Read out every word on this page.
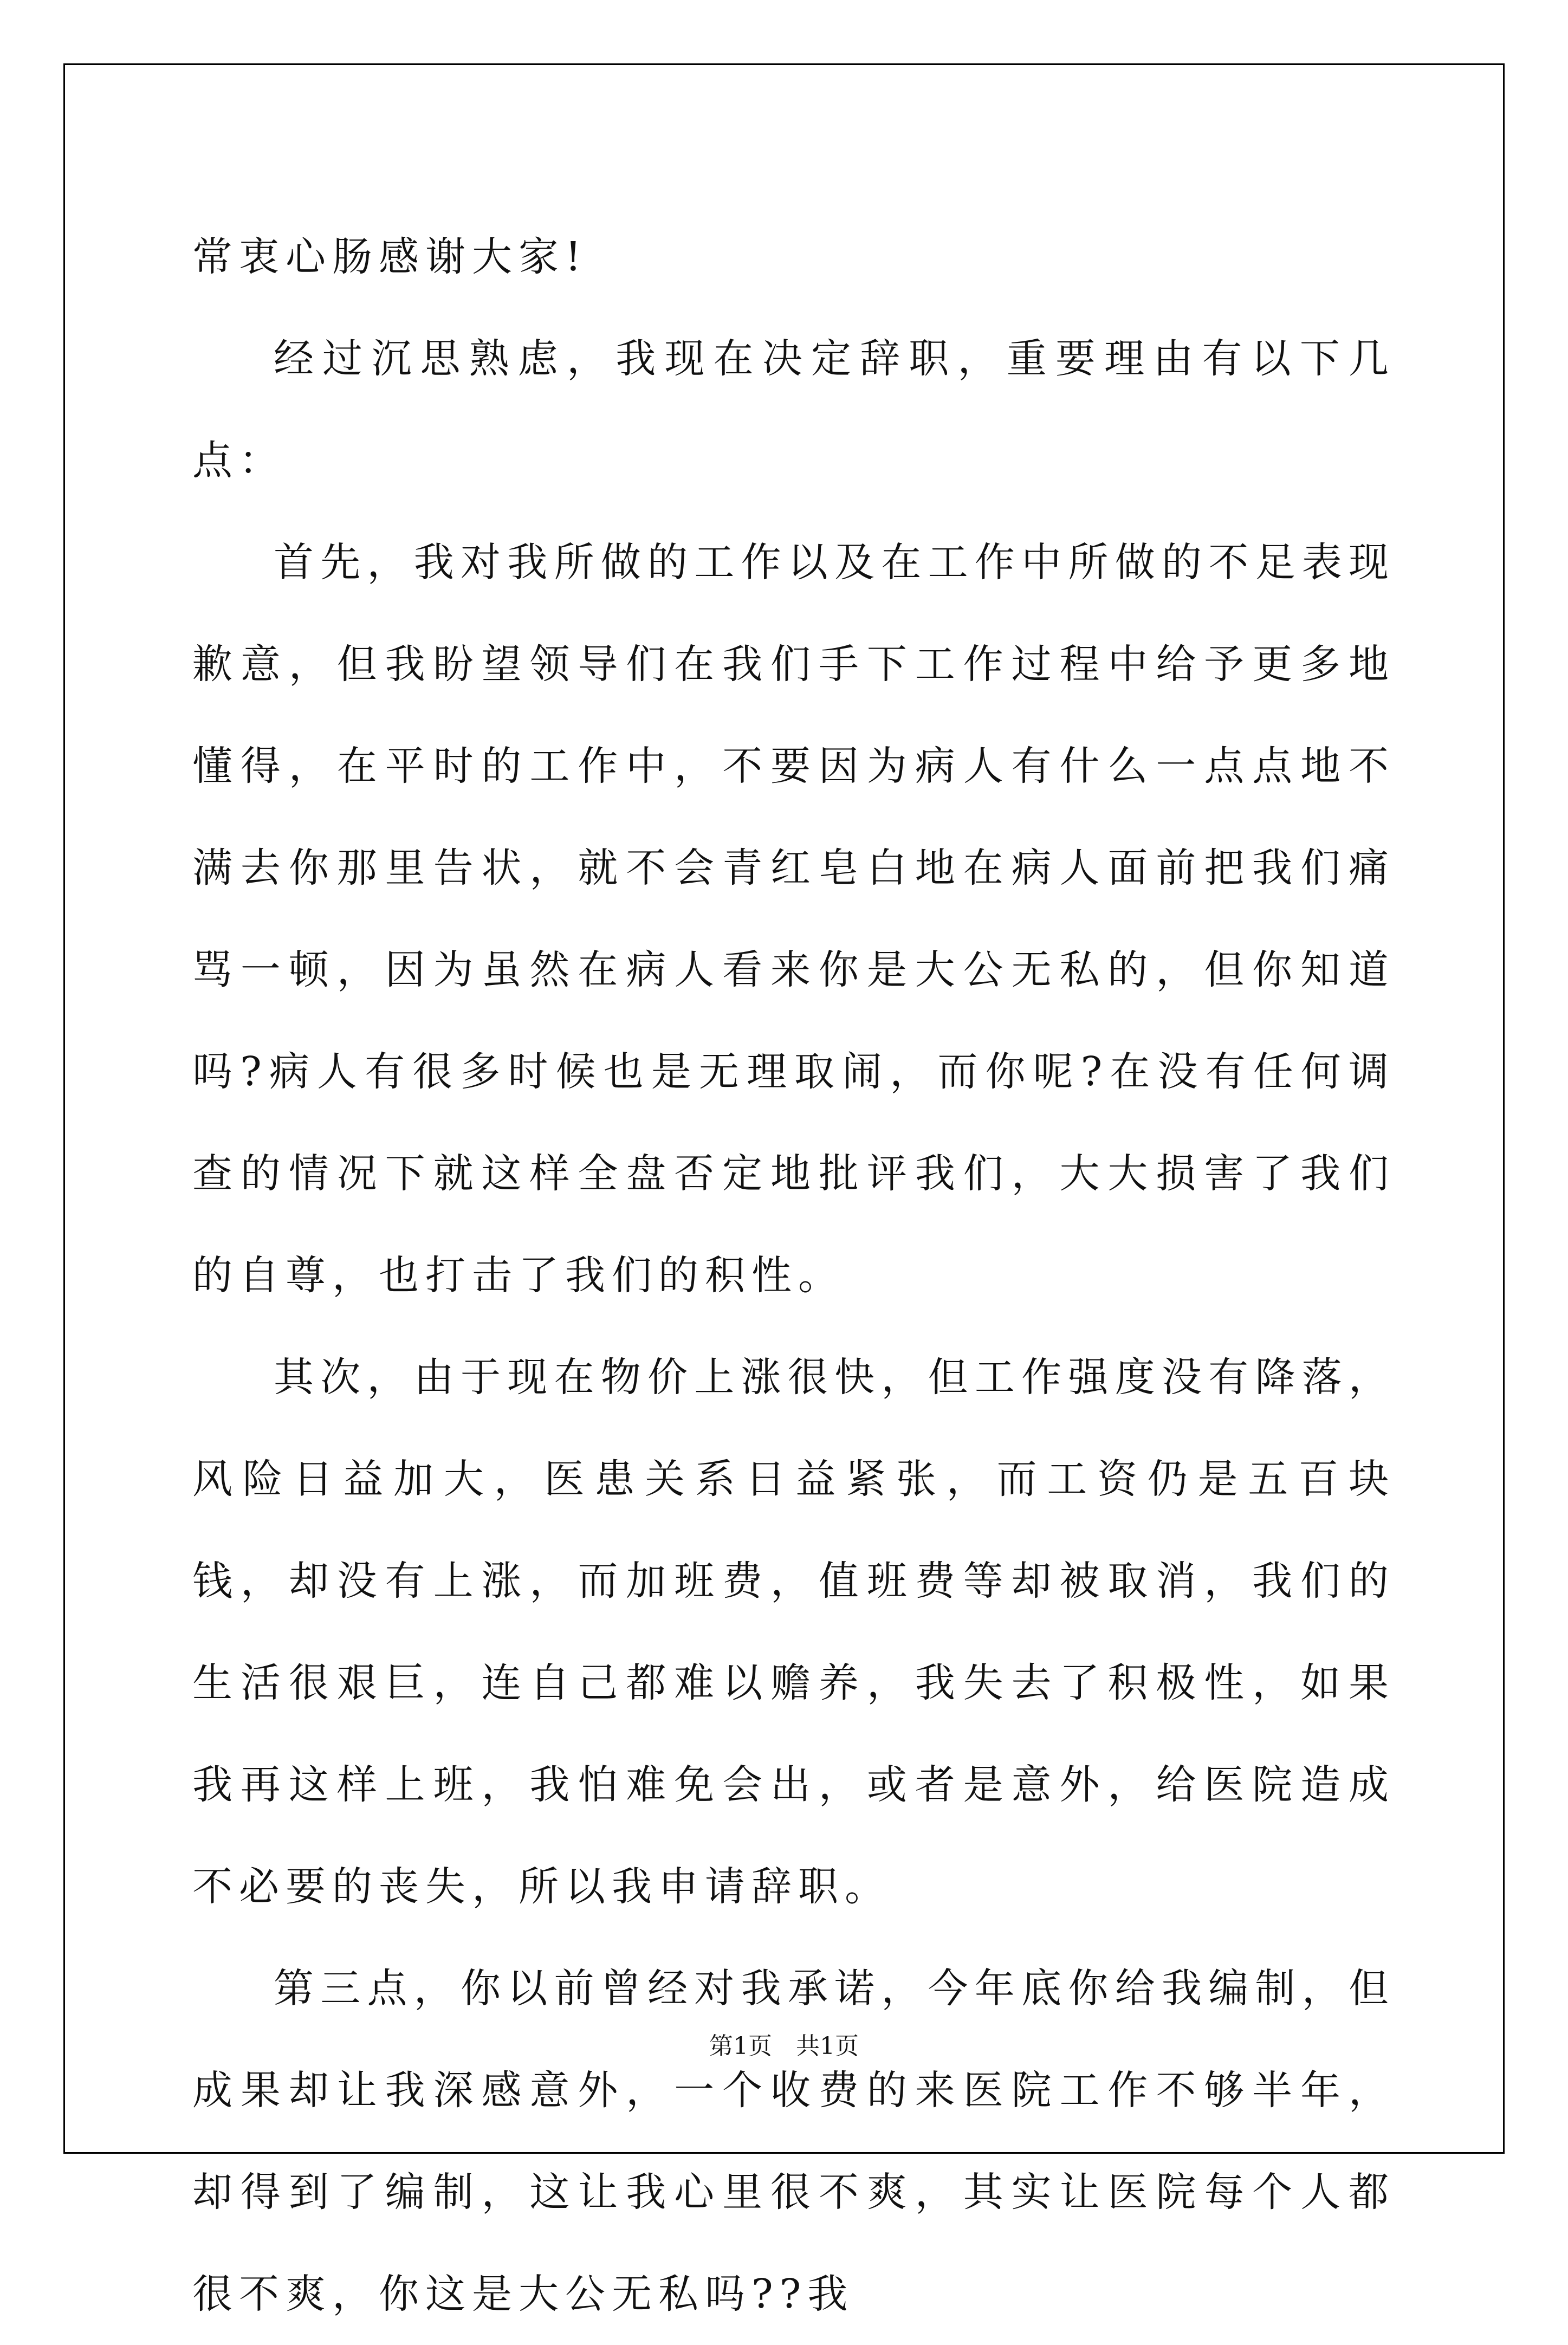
常衷心肠感谢大家!

经过沉思熟虑，我现在决定辞职，重要理由有以下几点：

首先，我对我所做的工作以及在工作中所做的不足表现歉意，但我盼望领导们在我们手下工作过程中给予更多地懂得，在平时的工作中，不要因为病人有什么一点点地不满去你那里告状，就不会青红皂白地在病人面前把我们痛骂一顿，因为虽然在病人看来你是大公无私的，但你知道吗?病人有很多时候也是无理取闹，而你呢?在没有任何调查的情况下就这样全盘否定地批评我们，大大损害了我们的自尊，也打击了我们的积性。

其次，由于现在物价上涨很快，但工作强度没有降落，风险日益加大，医患关系日益紧张，而工资仍是五百块钱，却没有上涨，而加班费，值班费等却被取消，我们的生活很艰巨，连自己都难以赡养，我失去了积极性，如果我再这样上班，我怕难免会出，或者是意外，给医院造成不必要的丧失，所以我申请辞职。

第三点，你以前曾经对我承诺，今年底你给我编制，但成果却让我深感意外，一个收费的来医院工作不够半年，却得到了编制，这让我心里很不爽，其实让医院每个人都很不爽，你这是大公无私吗??我

第1页　共1页
